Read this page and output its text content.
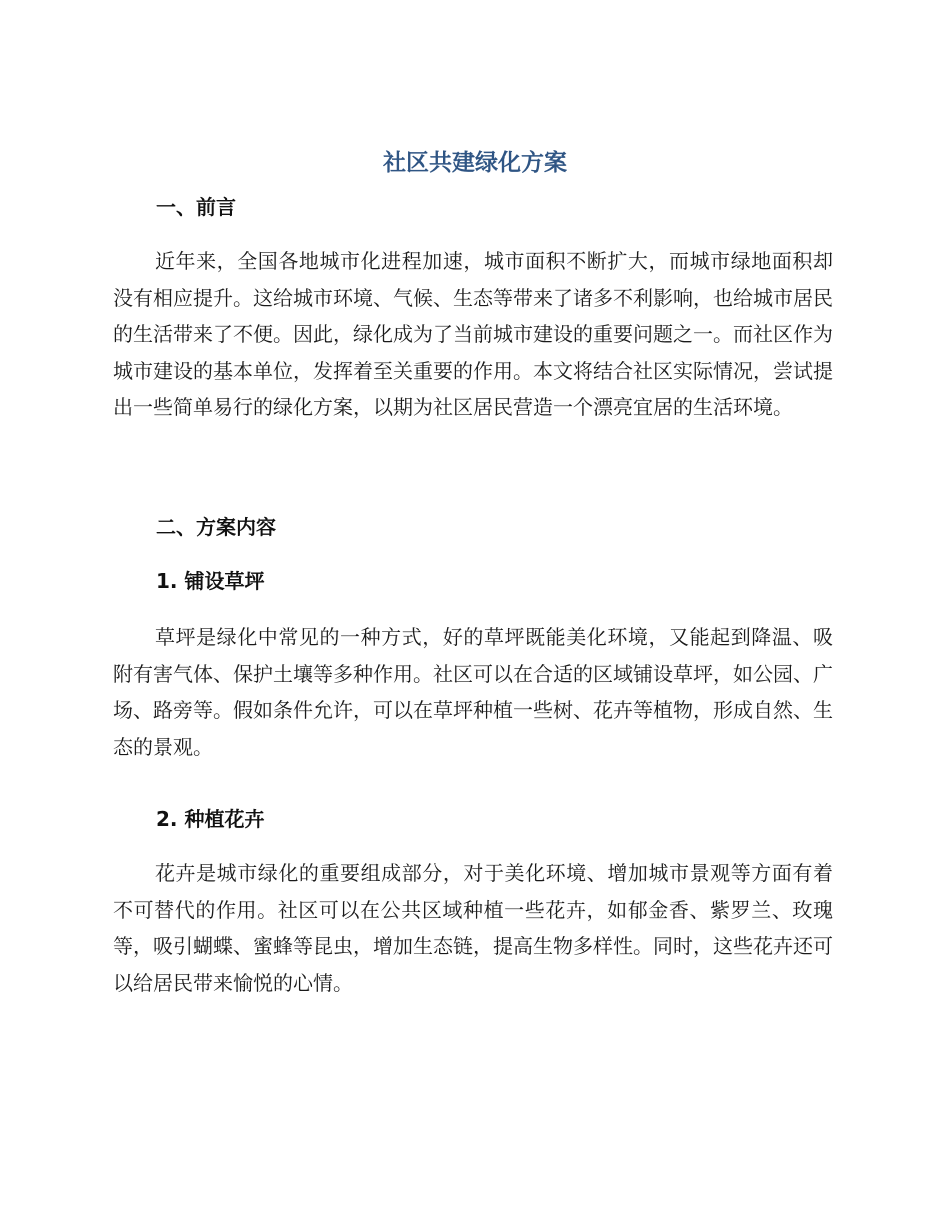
社区共建绿化方案
一、前言

近年来，全国各地城市化进程加速，城市面积不断扩大，而城市绿地面积却没有相应提升。这给城市环境、气候、生态等带来了诸多不利影响，也给城市居民的生活带来了不便。因此，绿化成为了当前城市建设的重要问题之一。而社区作为城市建设的基本单位，发挥着至关重要的作用。本文将结合社区实际情况，尝试提出一些简单易行的绿化方案，以期为社区居民营造一个漂亮宜居的生活环境。

二、方案内容
1. 铺设草坪

草坪是绿化中常见的一种方式，好的草坪既能美化环境，又能起到降温、吸附有害气体、保护土壤等多种作用。社区可以在合适的区域铺设草坪，如公园、广场、路旁等。假如条件允许，可以在草坪种植一些树、花卉等植物，形成自然、生态的景观。

2. 种植花卉

花卉是城市绿化的重要组成部分，对于美化环境、增加城市景观等方面有着不可替代的作用。社区可以在公共区域种植一些花卉，如郁金香、紫罗兰、玫瑰等，吸引蝴蝶、蜜蜂等昆虫，增加生态链，提高生物多样性。同时，这些花卉还可以给居民带来愉悦的心情。
